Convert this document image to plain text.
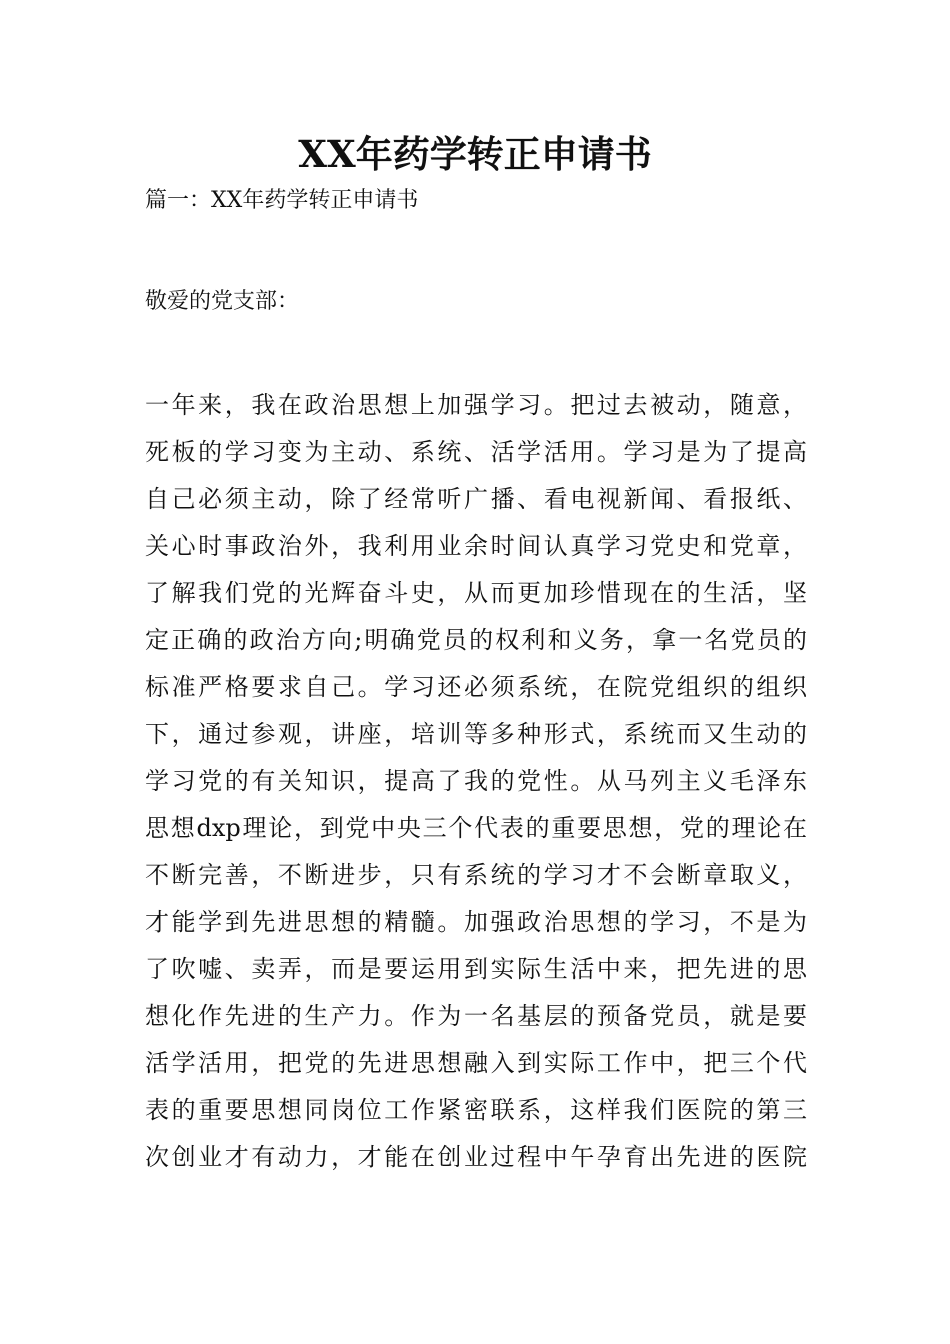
XX年药学转正申请书
篇一：XX年药学转正申请书
敬爱的党支部：
一年来，我在政治思想上加强学习。把过去被动，随意，
死板的学习变为主动、系统、活学活用。学习是为了提高
自己必须主动，除了经常听广播、看电视新闻、看报纸、
关心时事政治外，我利用业余时间认真学习党史和党章，
了解我们党的光辉奋斗史，从而更加珍惜现在的生活，坚
定正确的政治方向;明确党员的权利和义务，拿一名党员的
标准严格要求自己。学习还必须系统，在院党组织的组织
下，通过参观，讲座，培训等多种形式，系统而又生动的
学习党的有关知识，提高了我的党性。从马列主义毛泽东
思想dxp理论，到党中央三个代表的重要思想，党的理论在
不断完善，不断进步，只有系统的学习才不会断章取义，
才能学到先进思想的精髓。加强政治思想的学习，不是为
了吹嘘、卖弄，而是要运用到实际生活中来，把先进的思
想化作先进的生产力。作为一名基层的预备党员，就是要
活学活用，把党的先进思想融入到实际工作中，把三个代
表的重要思想同岗位工作紧密联系，这样我们医院的第三
次创业才有动力，才能在创业过程中午孕育出先进的医院
